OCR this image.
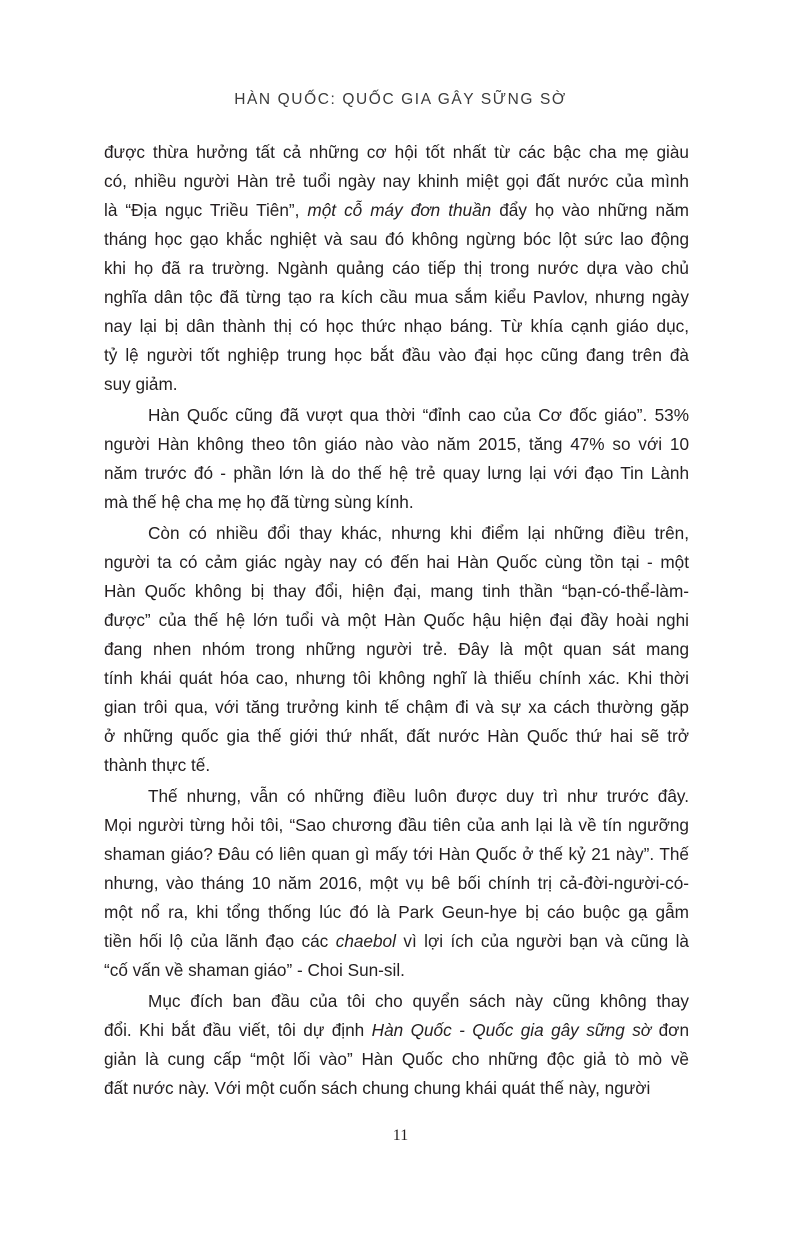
HÀN QUỐC: QUỐC GIA GÂY SỮNG SỜ

được thừa hưởng tất cả những cơ hội tốt nhất từ các bậc cha mẹ giàu
có, nhiều người Hàn trẻ tuổi ngày nay khinh miệt gọi đất nước của mình
là “Địa ngục Triều Tiên”, một cỗ máy đơn thuần đẩy họ vào những năm
tháng học gạo khắc nghiệt và sau đó không ngừng bóc lột sức lao động
khi họ đã ra trường. Ngành quảng cáo tiếp thị trong nước dựa vào chủ
nghĩa dân tộc đã từng tạo ra kích cầu mua sắm kiểu Pavlov, nhưng ngày
nay lại bị dân thành thị có học thức nhạo báng. Từ khía cạnh giáo dục,
tỷ lệ người tốt nghiệp trung học bắt đầu vào đại học cũng đang trên đà
suy giảm.

Hàn Quốc cũng đã vượt qua thời “đỉnh cao của Cơ đốc giáo”. 53%
người Hàn không theo tôn giáo nào vào năm 2015, tăng 47% so với 10
năm trước đó - phần lớn là do thế hệ trẻ quay lưng lại với đạo Tin Lành
mà thế hệ cha mẹ họ đã từng sùng kính.

Còn có nhiều đổi thay khác, nhưng khi điểm lại những điều trên,
người ta có cảm giác ngày nay có đến hai Hàn Quốc cùng tồn tại - một
Hàn Quốc không bị thay đổi, hiện đại, mang tinh thần “bạn-có-thể-làm-
được” của thế hệ lớn tuổi và một Hàn Quốc hậu hiện đại đầy hoài nghi
đang nhen nhóm trong những người trẻ. Đây là một quan sát mang
tính khái quát hóa cao, nhưng tôi không nghĩ là thiếu chính xác. Khi thời
gian trôi qua, với tăng trưởng kinh tế chậm đi và sự xa cách thường gặp
ở những quốc gia thế giới thứ nhất, đất nước Hàn Quốc thứ hai sẽ trở
thành thực tế.

Thế nhưng, vẫn có những điều luôn được duy trì như trước đây.
Mọi người từng hỏi tôi, “Sao chương đầu tiên của anh lại là về tín ngưỡng
shaman giáo? Đâu có liên quan gì mấy tới Hàn Quốc ở thế kỷ 21 này”. Thế
nhưng, vào tháng 10 năm 2016, một vụ bê bối chính trị cả-đời-người-có-
một nổ ra, khi tổng thống lúc đó là Park Geun-hye bị cáo buộc gạ gẫm
tiền hối lộ của lãnh đạo các chaebol vì lợi ích của người bạn và cũng là
“cố vấn về shaman giáo” - Choi Sun-sil.

Mục đích ban đầu của tôi cho quyển sách này cũng không thay
đổi. Khi bắt đầu viết, tôi dự định Hàn Quốc - Quốc gia gây sững sờ đơn
giản là cung cấp “một lối vào” Hàn Quốc cho những độc giả tò mò về
đất nước này. Với một cuốn sách chung chung khái quát thế này, người

11
